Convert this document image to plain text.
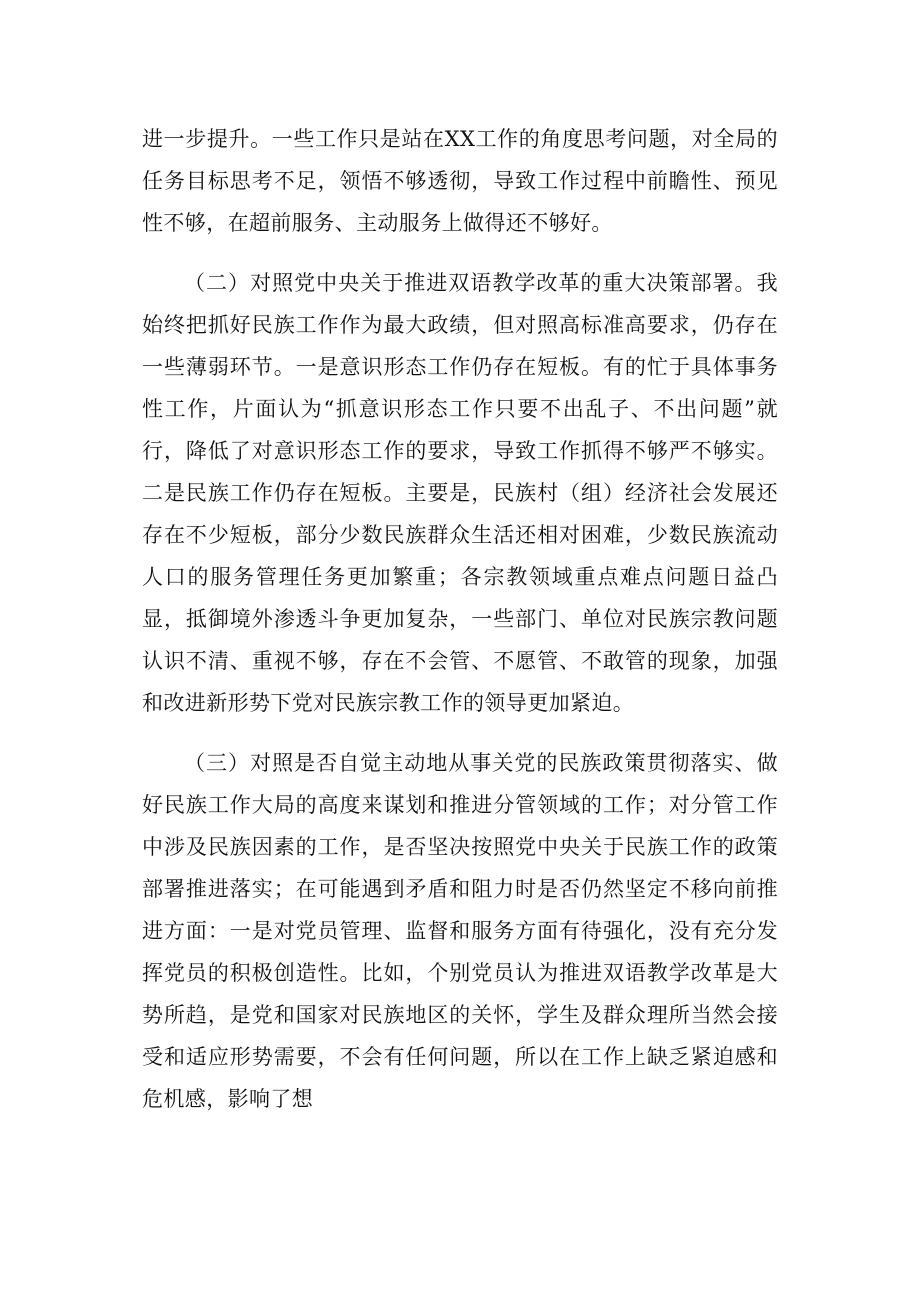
进一步提升。一些工作只是站在XX工作的角度思考问题，对全局的任务目标思考不足，领悟不够透彻，导致工作过程中前瞻性、预见性不够，在超前服务、主动服务上做得还不够好。

（二）对照党中央关于推进双语教学改革的重大决策部署。我始终把抓好民族工作作为最大政绩，但对照高标准高要求，仍存在一些薄弱环节。一是意识形态工作仍存在短板。有的忙于具体事务性工作，片面认为“抓意识形态工作只要不出乱子、不出问题”就行，降低了对意识形态工作的要求，导致工作抓得不够严不够实。二是民族工作仍存在短板。主要是，民族村（组）经济社会发展还存在不少短板，部分少数民族群众生活还相对困难，少数民族流动人口的服务管理任务更加繁重；各宗教领域重点难点问题日益凸显，抵御境外渗透斗争更加复杂，一些部门、单位对民族宗教问题认识不清、重视不够，存在不会管、不愿管、不敢管的现象，加强和改进新形势下党对民族宗教工作的领导更加紧迫。

（三）对照是否自觉主动地从事关党的民族政策贯彻落实、做好民族工作大局的高度来谋划和推进分管领域的工作；对分管工作中涉及民族因素的工作，是否坚决按照党中央关于民族工作的政策部署推进落实；在可能遇到矛盾和阻力时是否仍然坚定不移向前推进方面：一是对党员管理、监督和服务方面有待强化，没有充分发挥党员的积极创造性。比如，个别党员认为推进双语教学改革是大势所趋，是党和国家对民族地区的关怀，学生及群众理所当然会接受和适应形势需要，不会有任何问题，所以在工作上缺乏紧迫感和危机感，影响了想
